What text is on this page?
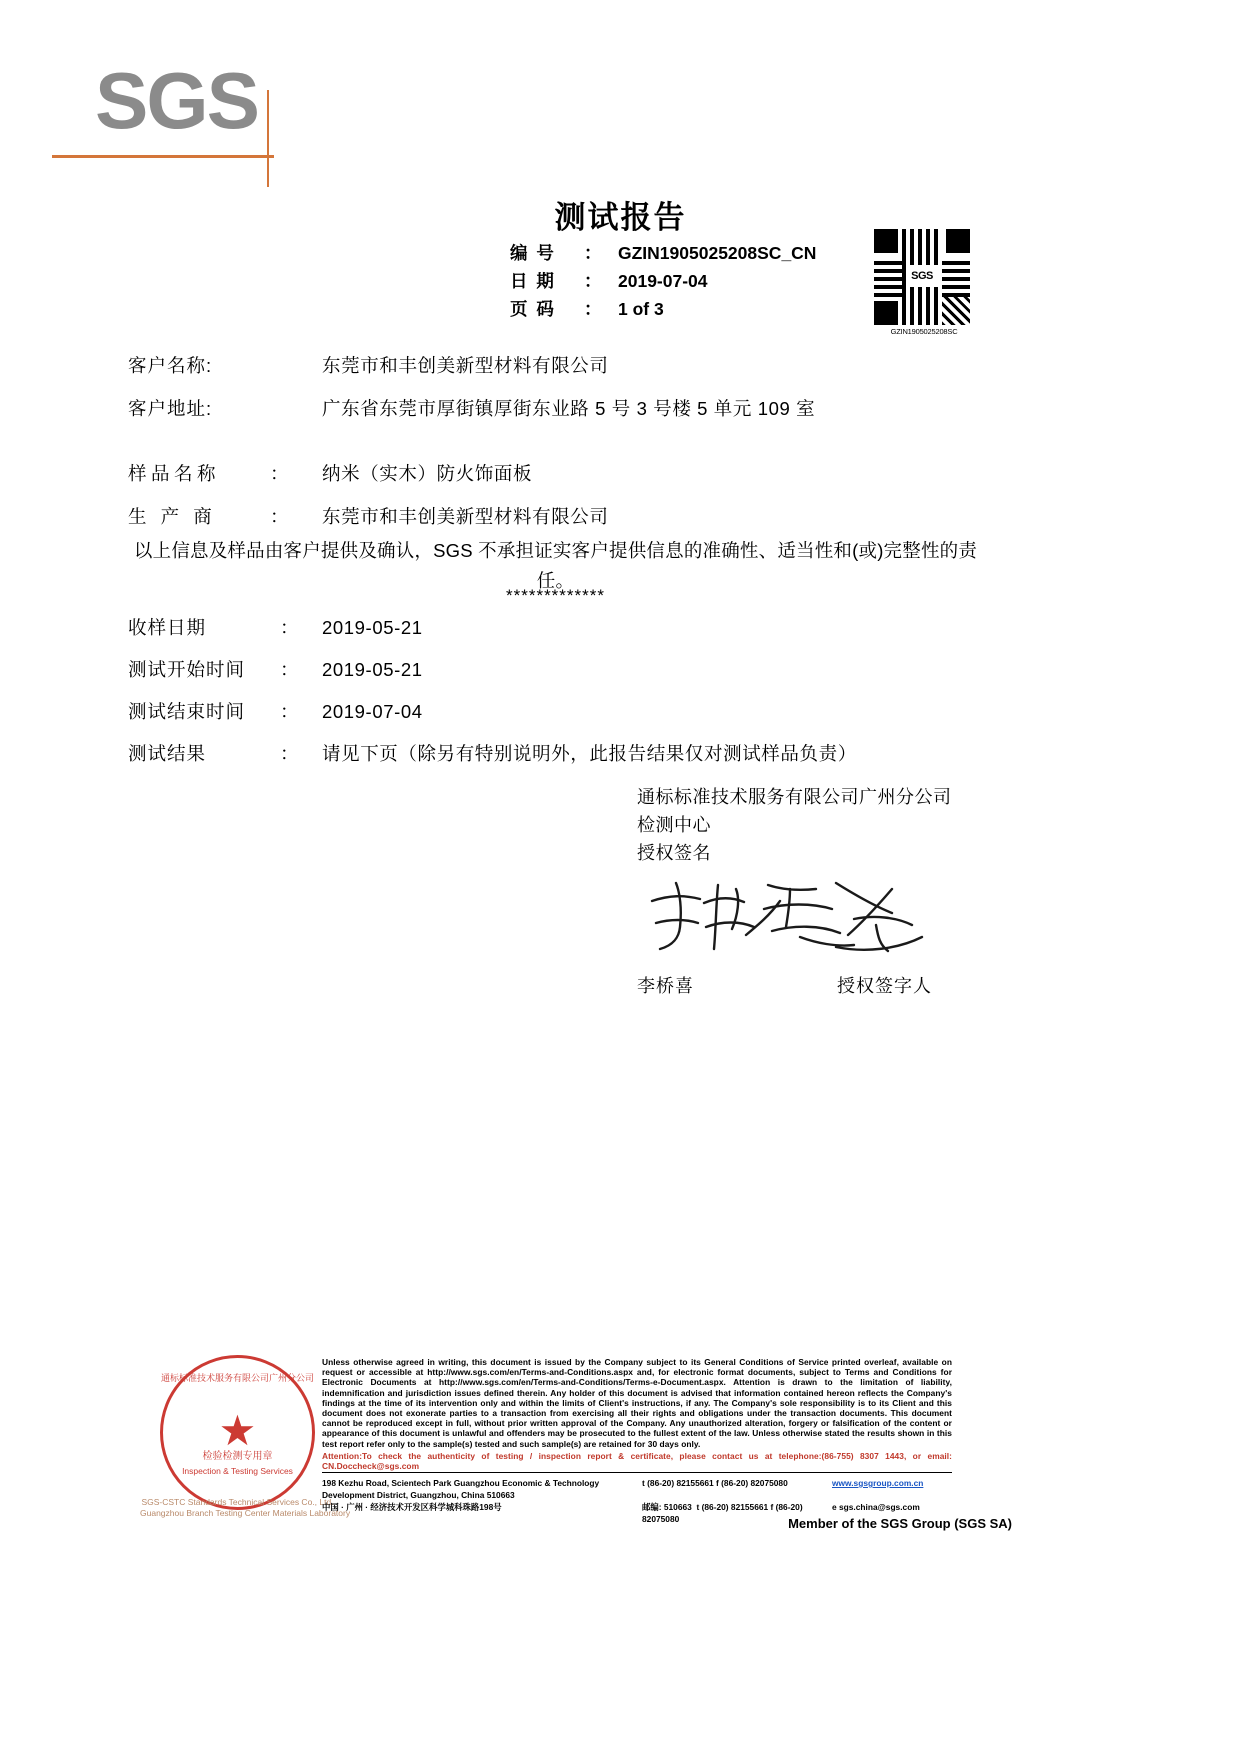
SGS
测试报告
编 号	： GZIN1905025208SC_CN
日 期	： 2019-07-04
页 码	： 1 of 3
SGS
GZIN1905025208SC
客户名称:	东莞市和丰创美新型材料有限公司
客户地址:	广东省东莞市厚街镇厚街东业路 5 号 3 号楼 5 单元 109 室
样品名称	：	纳米（实木）防火饰面板
生 产 商	：	东莞市和丰创美新型材料有限公司
以上信息及样品由客户提供及确认，SGS 不承担证实客户提供信息的准确性、适当性和(或)完整性的责任。
*************
收样日期	：	2019-05-21
测试开始时间	：	2019-05-21
测试结束时间	：	2019-07-04
测试结果	：	请见下页（除另有特别说明外，此报告结果仅对测试样品负责）
通标标准技术服务有限公司广州分公司
检测中心
授权签名
李桥喜	授权签字人
通标标准技术服务有限公司广州分公司
★
检验检测专用章
Inspection & Testing Services
SGS-CSTC Standards Technical Services Co., Ltd.
Guangzhou Branch Testing Center Materials Laboratory
Unless otherwise agreed in writing, this document is issued by the Company subject to its General Conditions of Service printed overleaf, available on request or accessible at http://www.sgs.com/en/Terms-and-Conditions.aspx and, for electronic format documents, subject to Terms and Conditions for Electronic Documents at http://www.sgs.com/en/Terms-and-Conditions/Terms-e-Document.aspx. Attention is drawn to the limitation of liability, indemnification and jurisdiction issues defined therein. Any holder of this document is advised that information contained hereon reflects the Company's findings at the time of its intervention only and within the limits of Client's instructions, if any. The Company's sole responsibility is to its Client and this document does not exonerate parties to a transaction from exercising all their rights and obligations under the transaction documents. This document cannot be reproduced except in full, without prior written approval of the Company. Any unauthorized alteration, forgery or falsification of the content or appearance of this document is unlawful and offenders may be prosecuted to the fullest extent of the law. Unless otherwise stated the results shown in this test report refer only to the sample(s) tested and such sample(s) are retained for 30 days only.
Attention:To check the authenticity of testing / inspection report & certificate, please contact us at telephone:(86-755) 8307 1443, or email: CN.Doccheck@sgs.com
198 Kezhu Road, Scientech Park Guangzhou Economic & Technology Development District, Guangzhou, China 510663
t (86-20) 82155661 f (86-20) 82075080	www.sgsgroup.com.cn
中国 · 广州 · 经济技术开发区科学城科珠路198号	邮编: 510663 t (86-20) 82155661 f (86-20) 82075080
e sgs.china@sgs.com
Member of the SGS Group (SGS SA)
